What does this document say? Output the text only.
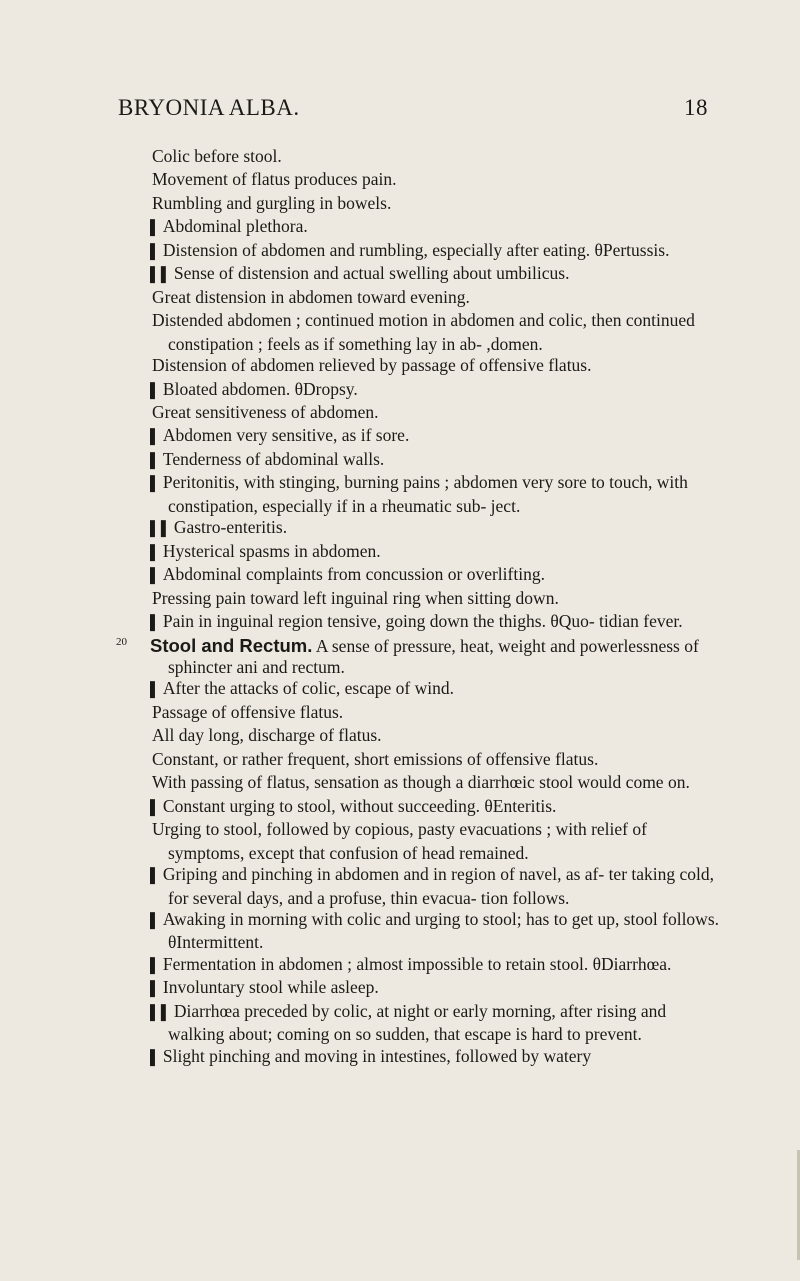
BRYONIA ALBA.	18
Colic before stool.
Movement of flatus produces pain.
Rumbling and gurgling in bowels.
▌ Abdominal plethora.
▌ Distension of abdomen and rumbling, especially after eating. θPertussis.
▌▌ Sense of distension and actual swelling about umbilicus.
Great distension in abdomen toward evening.
Distended abdomen ; continued motion in abdomen and colic, then continued constipation ; feels as if something lay in ab- ,domen.
Distension of abdomen relieved by passage of offensive flatus.
▌ Bloated abdomen. θDropsy.
Great sensitiveness of abdomen.
▌ Abdomen very sensitive, as if sore.
▌ Tenderness of abdominal walls.
▌ Peritonitis, with stinging, burning pains ; abdomen very sore to touch, with constipation, especially if in a rheumatic sub- ject.
▌▌ Gastro-enteritis.
▌ Hysterical spasms in abdomen.
▌ Abdominal complaints from concussion or overlifting.
Pressing pain toward left inguinal ring when sitting down.
▌ Pain in inguinal region tensive, going down the thighs. θQuo- tidian fever.
20	Stool and Rectum. A sense of pressure, heat, weight and powerlessness of sphincter ani and rectum.
▌ After the attacks of colic, escape of wind.
Passage of offensive flatus.
All day long, discharge of flatus.
Constant, or rather frequent, short emissions of offensive flatus.
With passing of flatus, sensation as though a diarrhœic stool would come on.
▌ Constant urging to stool, without succeeding. θEnteritis.
Urging to stool, followed by copious, pasty evacuations ; with relief of symptoms, except that confusion of head remained.
▌ Griping and pinching in abdomen and in region of navel, as af- ter taking cold, for several days, and a profuse, thin evacua- tion follows.
▌ Awaking in morning with colic and urging to stool; has to get up, stool follows. θIntermittent.
▌ Fermentation in abdomen ; almost impossible to retain stool. θDiarrhœa.
▌ Involuntary stool while asleep.
▌▌ Diarrhœa preceded by colic, at night or early morning, after rising and walking about; coming on so sudden, that escape is hard to prevent.
▌ Slight pinching and moving in intestines, followed by watery
